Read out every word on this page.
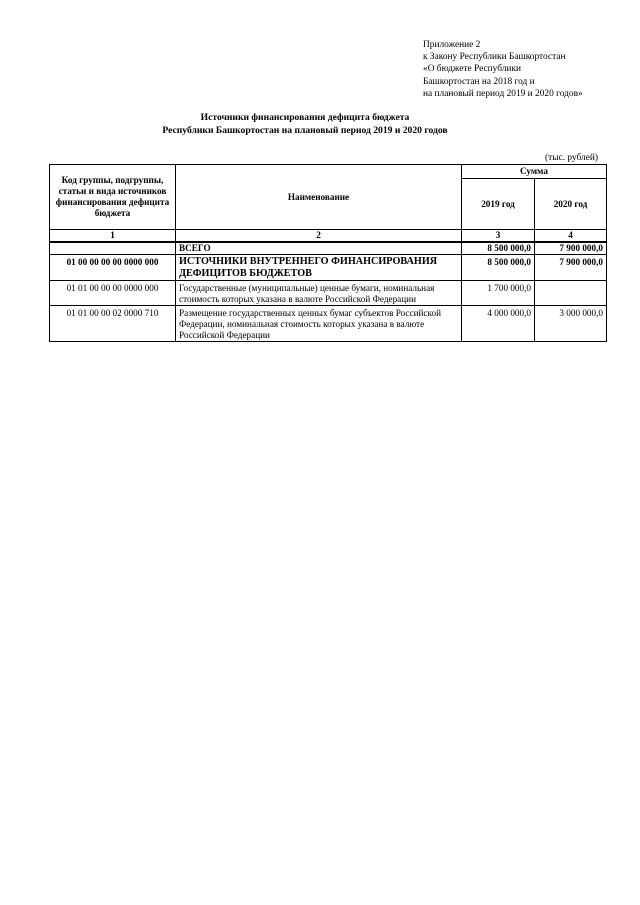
Приложение 2
к Закону Республики Башкортостан
«О бюджете Республики
Башкортостан на 2018 год и
на плановый период 2019 и 2020 годов»
Источники финансирования дефицита бюджета
Республики Башкортостан на плановый период 2019 и 2020 годов
(тыс. рублей)
Код группы, подгруппы, статьи и вида источников финансирования дефицита бюджета	Наименование	Сумма	
		2019 год	2020 год
1	2	3	4
	ВСЕГО	8 500 000,0	7 900 000,0
01 00 00 00 00 0000 000	ИСТОЧНИКИ ВНУТРЕННЕГО ФИНАНСИРОВАНИЯ ДЕФИЦИТОВ БЮДЖЕТОВ	8 500 000,0	7 900 000,0
01 01 00 00 00 0000 000	Государственные (муниципальные) ценные бумаги, номинальная стоимость которых указана в валюте Российской Федерации	1 700 000,0	
01 01 00 00 02 0000 710	Размещение государственных ценных бумаг субъектов Российской Федерации, номинальная стоимость которых указана в валюте Российской Федерации	4 000 000,0	3 000 000,0
